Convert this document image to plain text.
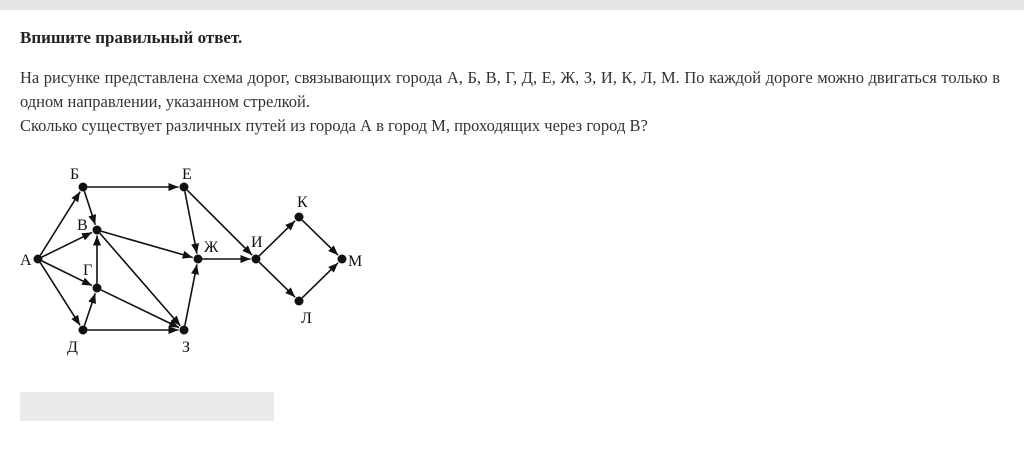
Впишите правильный ответ.

На рисунке представлена схема дорог, связывающих города А, Б, В, Г, Д, Е, Ж, З, И, К, Л, М. По каждой дороге можно двигаться только в одном направлении, указанном стрелкой.

Сколько существует различных путей из города А в город М, проходящих через город В?

А
Б
В
Г
Д
Е
Ж
З
И
К
Л
М
